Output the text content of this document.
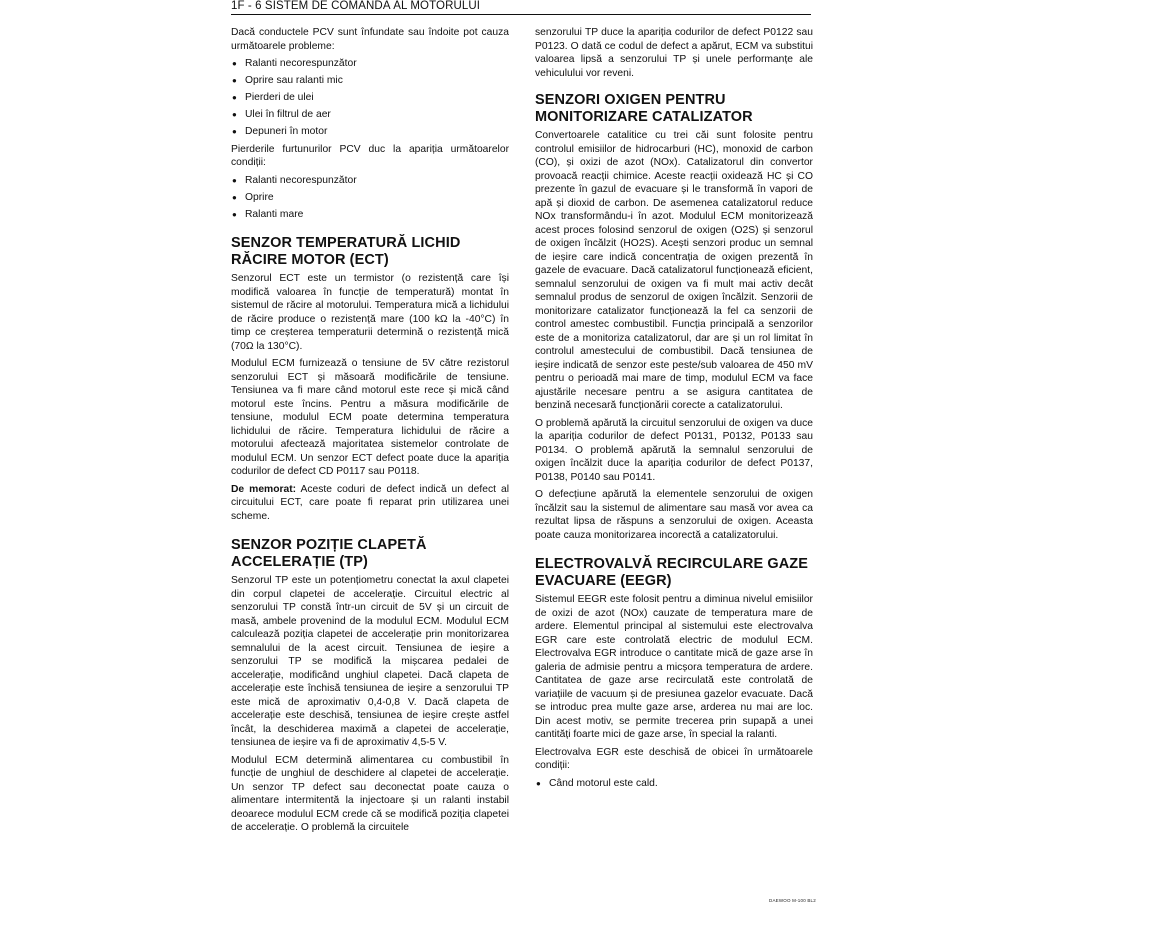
1F - 6 SISTEM DE COMANDĂ AL MOTORULUI

Dacă conductele PCV sunt înfundate sau îndoite pot cauza următoarele probleme:

● Ralanti necorespunzător
● Oprire sau ralanti mic
● Pierderi de ulei
● Ulei în filtrul de aer
● Depuneri în motor

Pierderile furtunurilor PCV duc la apariția următoarelor condiții:

● Ralanti necorespunzător
● Oprire
● Ralanti mare
SENZOR TEMPERATURĂ LICHID RĂCIRE MOTOR (ECT)

Senzorul ECT este un termistor (o rezistență care își modifică valoarea în funcție de temperatură) montat în sistemul de răcire al motorului. Temperatura mică a lichidului de răcire produce o rezistență mare (100 kΩ la -40°C) în timp ce creșterea temperaturii determină o rezistență mică (70Ω la 130°C).

Modulul ECM furnizează o tensiune de 5V către rezistorul senzorului ECT și măsoară modificările de tensiune. Tensiunea va fi mare când motorul este rece și mică când motorul este încins. Pentru a măsura modificările de tensiune, modulul ECM poate determina temperatura lichidului de răcire. Temperatura lichidului de răcire a motorului afectează majoritatea sistemelor controlate de modulul ECM. Un senzor ECT defect poate duce la apariția codurilor de defect CD P0117 sau P0118.

De memorat: Aceste coduri de defect indică un defect al circuitului ECT, care poate fi reparat prin utilizarea unei scheme.

SENZOR POZIȚIE CLAPETĂ ACCELERAȚIE (TP)

Senzorul TP este un potențiometru conectat la axul clapetei din corpul clapetei de accelerație. Circuitul electric al senzorului TP constă într-un circuit de 5V și un circuit de masă, ambele provenind de la modulul ECM. Modulul ECM calculează poziția clapetei de accelerație prin monitorizarea semnalului de la acest circuit. Tensiunea de ieșire a senzorului TP se modifică la mișcarea pedalei de accelerație, modificând unghiul clapetei. Dacă clapeta de accelerație este închisă tensiunea de ieșire a senzorului TP este mică de aproximativ 0,4-0,8 V. Dacă clapeta de accelerație este deschisă, tensiunea de ieșire crește astfel încât, la deschiderea maximă a clapetei de accelerație, tensiunea de ieșire va fi de aproximativ 4,5-5 V.

Modulul ECM determină alimentarea cu combustibil în funcție de unghiul de deschidere al clapetei de accelerație. Un senzor TP defect sau deconectat poate cauza o alimentare intermitentă la injectoare și un ralanti instabil deoarece modulul ECM crede că se modifică poziția clapetei de accelerație. O problemă la circuitele

senzorului TP duce la apariția codurilor de defect P0122 sau P0123. O dată ce codul de defect a apărut, ECM va substitui valoarea lipsă a senzorului TP și unele performanțe ale vehiculului vor reveni.

SENZORI OXIGEN PENTRU MONITORIZARE CATALIZATOR

Convertoarele catalitice cu trei căi sunt folosite pentru controlul emisiilor de hidrocarburi (HC), monoxid de carbon (CO), și oxizi de azot (NOx). Catalizatorul din convertor provoacă reacții chimice. Aceste reacții oxidează HC și CO prezente în gazul de evacuare și le transformă în vapori de apă și dioxid de carbon. De asemenea catalizatorul reduce NOx transformându-i în azot. Modulul ECM monitorizează acest proces folosind senzorul de oxigen (O2S) și senzorul de oxigen încălzit (HO2S). Acești senzori produc un semnal de ieșire care indică concentrația de oxigen prezentă în gazele de evacuare. Dacă catalizatorul funcționează eficient, semnalul senzorului de oxigen va fi mult mai activ decât semnalul produs de senzorul de oxigen încălzit. Senzorii de monitorizare catalizator funcționează la fel ca senzorii de control amestec combustibil. Funcția principală a senzorilor este de a monitoriza catalizatorul, dar are și un rol limitat în controlul amestecului de combustibil. Dacă tensiunea de ieșire indicată de senzor este peste/sub valoarea de 450 mV pentru o perioadă mai mare de timp, modulul ECM va face ajustările necesare pentru a se asigura cantitatea de benzină necesară funcționării corecte a catalizatorului.

O problemă apărută la circuitul senzorului de oxigen va duce la apariția codurilor de defect P0131, P0132, P0133 sau P0134. O problemă apărută la semnalul senzorului de oxigen încălzit duce la apariția codurilor de defect P0137, P0138, P0140 sau P0141.

O defecțiune apărută la elementele senzorului de oxigen încălzit sau la sistemul de alimentare sau masă vor avea ca rezultat lipsa de răspuns a senzorului de oxigen. Aceasta poate cauza monitorizarea incorectă a catalizatorului.

ELECTROVALVĂ RECIRCULARE GAZE EVACUARE (EEGR)

Sistemul EEGR este folosit pentru a diminua nivelul emisiilor de oxizi de azot (NOx) cauzate de temperatura mare de ardere. Elementul principal al sistemului este electrovalva EGR care este controlată electric de modulul ECM. Electrovalva EGR introduce o cantitate mică de gaze arse în galeria de admisie pentru a micșora temperatura de ardere. Cantitatea de gaze arse recirculată este controlată de variațiile de vacuum și de presiunea gazelor evacuate. Dacă se introduc prea multe gaze arse, arderea nu mai are loc. Din acest motiv, se permite trecerea prin supapă a unei cantități foarte mici de gaze arse, în special la ralanti.

Electrovalva EGR este deschisă de obicei în următoarele condiții:

● Când motorul este cald.
DAEWOO M-100 BL2
